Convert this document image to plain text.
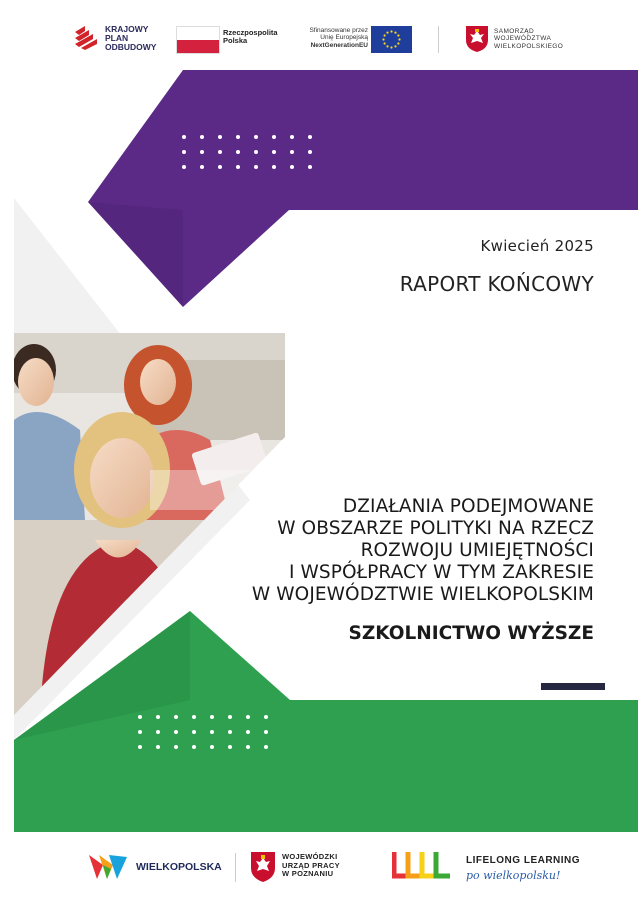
KRAJOWY
PLAN
ODBUDOWY
Rzeczpospolita
Polska
Sfinansowane przez
Unię Europejską
NextGenerationEU
SAMORZĄD
WOJEWÓDZTWA
WIELKOPOLSKIEGO
Kwiecień 2025
RAPORT KOŃCOWY
DZIAŁANIA PODEJMOWANE
W OBSZARZE POLITYKI NA RZECZ
ROZWOJU UMIEJĘTNOŚCI
I WSPÓŁPRACY W TYM ZAKRESIE
W WOJEWÓDZTWIE WIELKOPOLSKIM
SZKOLNICTWO WYŻSZE
WIELKOPOLSKA
WOJEWÓDZKI
URZĄD PRACY
W POZNANIU
LIFELONG LEARNING
po wielkopolsku!
